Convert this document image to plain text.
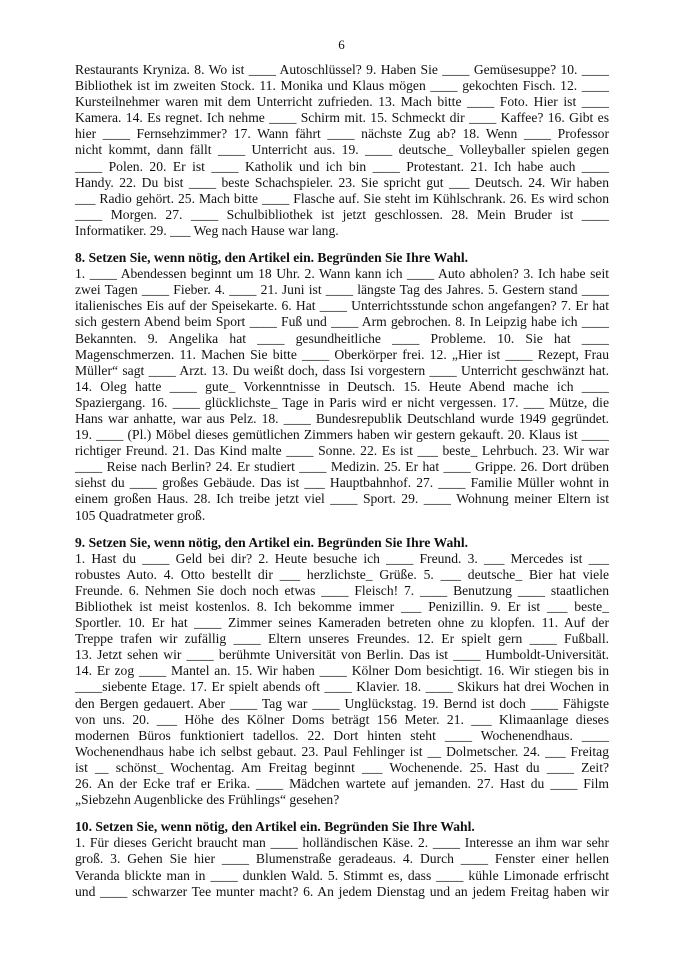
6
Restaurants Kryniza. 8. Wo ist ____ Autoschlüssel? 9. Haben Sie ____ Gemüsesuppe? 10. ____
Bibliothek ist im zweiten Stock. 11. Monika und Klaus mögen ____ gekochten Fisch. 12. ____
Kursteilnehmer waren mit dem Unterricht zufrieden. 13. Mach bitte ____ Foto. Hier ist ____
Kamera. 14. Es regnet. Ich nehme ____ Schirm mit. 15. Schmeckt dir ____ Kaffee? 16. Gibt es
hier ____ Fernsehzimmer? 17. Wann fährt ____ nächste Zug ab? 18. Wenn ____ Professor
nicht kommt, dann fällt ____ Unterricht aus. 19. ____ deutsche_ Volleyballer spielen gegen
____ Polen. 20. Er ist ____ Katholik und ich bin ____ Protestant. 21. Ich habe auch ____
Handy. 22. Du bist ____ beste Schachspieler. 23. Sie spricht gut ___ Deutsch. 24. Wir haben
___ Radio gehört. 25. Mach bitte ____ Flasche auf. Sie steht im Kühlschrank. 26. Es wird schon
____ Morgen. 27. ____ Schulbibliothek ist jetzt geschlossen. 28. Mein Bruder ist ____
Informatiker. 29. ___ Weg nach Hause war lang.
8. Setzen Sie, wenn nötig, den Artikel ein. Begründen Sie Ihre Wahl.
1. ____ Abendessen beginnt um 18 Uhr. 2. Wann kann ich ____ Auto abholen? 3. Ich habe seit
zwei Tagen ____ Fieber. 4. ____ 21. Juni ist ____ längste Tag des Jahres. 5. Gestern stand ____
italienisches Eis auf der Speisekarte. 6. Hat ____ Unterrichtsstunde schon angefangen? 7. Er hat
sich gestern Abend beim Sport ____ Fuß und ____ Arm gebrochen. 8. In Leipzig habe ich ____
Bekannten. 9. Angelika hat ____ gesundheitliche ____ Probleme. 10. Sie hat ____
Magenschmerzen. 11. Machen Sie bitte ____ Oberkörper frei. 12. „Hier ist ____ Rezept, Frau
Müller“ sagt ____ Arzt. 13. Du weißt doch, dass Isi vorgestern ____ Unterricht geschwänzt hat.
14. Oleg hatte ____ gute_ Vorkenntnisse in Deutsch. 15. Heute Abend mache ich ____
Spaziergang. 16. ____ glücklichste_ Tage in Paris wird er nicht vergessen. 17. ___ Mütze, die
Hans war anhatte, war aus Pelz. 18. ____ Bundesrepublik Deutschland wurde 1949 gegründet.
19. ____ (Pl.) Möbel dieses gemütlichen Zimmers haben wir gestern gekauft. 20. Klaus ist ____
richtiger Freund. 21. Das Kind malte ____ Sonne. 22. Es ist ___ beste_ Lehrbuch. 23. Wir war
____ Reise nach Berlin? 24. Er studiert ____ Medizin. 25. Er hat ____ Grippe. 26. Dort drüben
siehst du ____ großes Gebäude. Das ist ___ Hauptbahnhof. 27. ____ Familie Müller wohnt in
einem großen Haus. 28. Ich treibe jetzt viel ____ Sport. 29. ____ Wohnung meiner Eltern ist
105 Quadratmeter groß.
9. Setzen Sie, wenn nötig, den Artikel ein. Begründen Sie Ihre Wahl.
1. Hast du ____ Geld bei dir? 2. Heute besuche ich ____ Freund. 3. ___ Mercedes ist ___
robustes Auto. 4. Otto bestellt dir ___ herzlichste_ Grüße. 5. ___ deutsche_ Bier hat viele
Freunde. 6. Nehmen Sie doch noch etwas ____ Fleisch! 7. ____ Benutzung ____ staatlichen
Bibliothek ist meist kostenlos. 8. Ich bekomme immer ___ Penizillin. 9. Er ist ___ beste_
Sportler. 10. Er hat ____ Zimmer seines Kameraden betreten ohne zu klopfen. 11. Auf der
Treppe trafen wir zufällig ____ Eltern unseres Freundes. 12. Er spielt gern ____ Fußball.
13. Jetzt sehen wir ____ berühmte Universität von Berlin. Das ist ____ Humboldt-Universität.
14. Er zog ____ Mantel an. 15. Wir haben ____ Kölner Dom besichtigt. 16. Wir stiegen bis in
____siebente Etage. 17. Er spielt abends oft ____ Klavier. 18. ____ Skikurs hat drei Wochen in
den Bergen gedauert. Aber ____ Tag war ____ Unglückstag. 19. Bernd ist doch ____ Fähigste
von uns. 20. ___ Höhe des Kölner Doms beträgt 156 Meter. 21. ___ Klimaanlage dieses
modernen Büros funktioniert tadellos. 22. Dort hinten steht ____ Wochenendhaus. ____
Wochenendhaus habe ich selbst gebaut. 23. Paul Fehlinger ist __ Dolmetscher. 24. ___ Freitag
ist __ schönst_ Wochentag. Am Freitag beginnt ___ Wochenende. 25. Hast du ____ Zeit?
26. An der Ecke traf er Erika. ____ Mädchen wartete auf jemanden. 27. Hast du ____ Film
„Siebzehn Augenblicke des Frühlings“ gesehen?
10. Setzen Sie, wenn nötig, den Artikel ein. Begründen Sie Ihre Wahl.
1. Für dieses Gericht braucht man ____ holländischen Käse. 2. ____ Interesse an ihm war sehr
groß. 3. Gehen Sie hier ____ Blumenstraße geradeaus. 4. Durch ____ Fenster einer hellen
Veranda blickte man in ____ dunklen Wald. 5. Stimmt es, dass ____ kühle Limonade erfrischt
und ____ schwarzer Tee munter macht? 6. An jedem Dienstag und an jedem Freitag haben wir
